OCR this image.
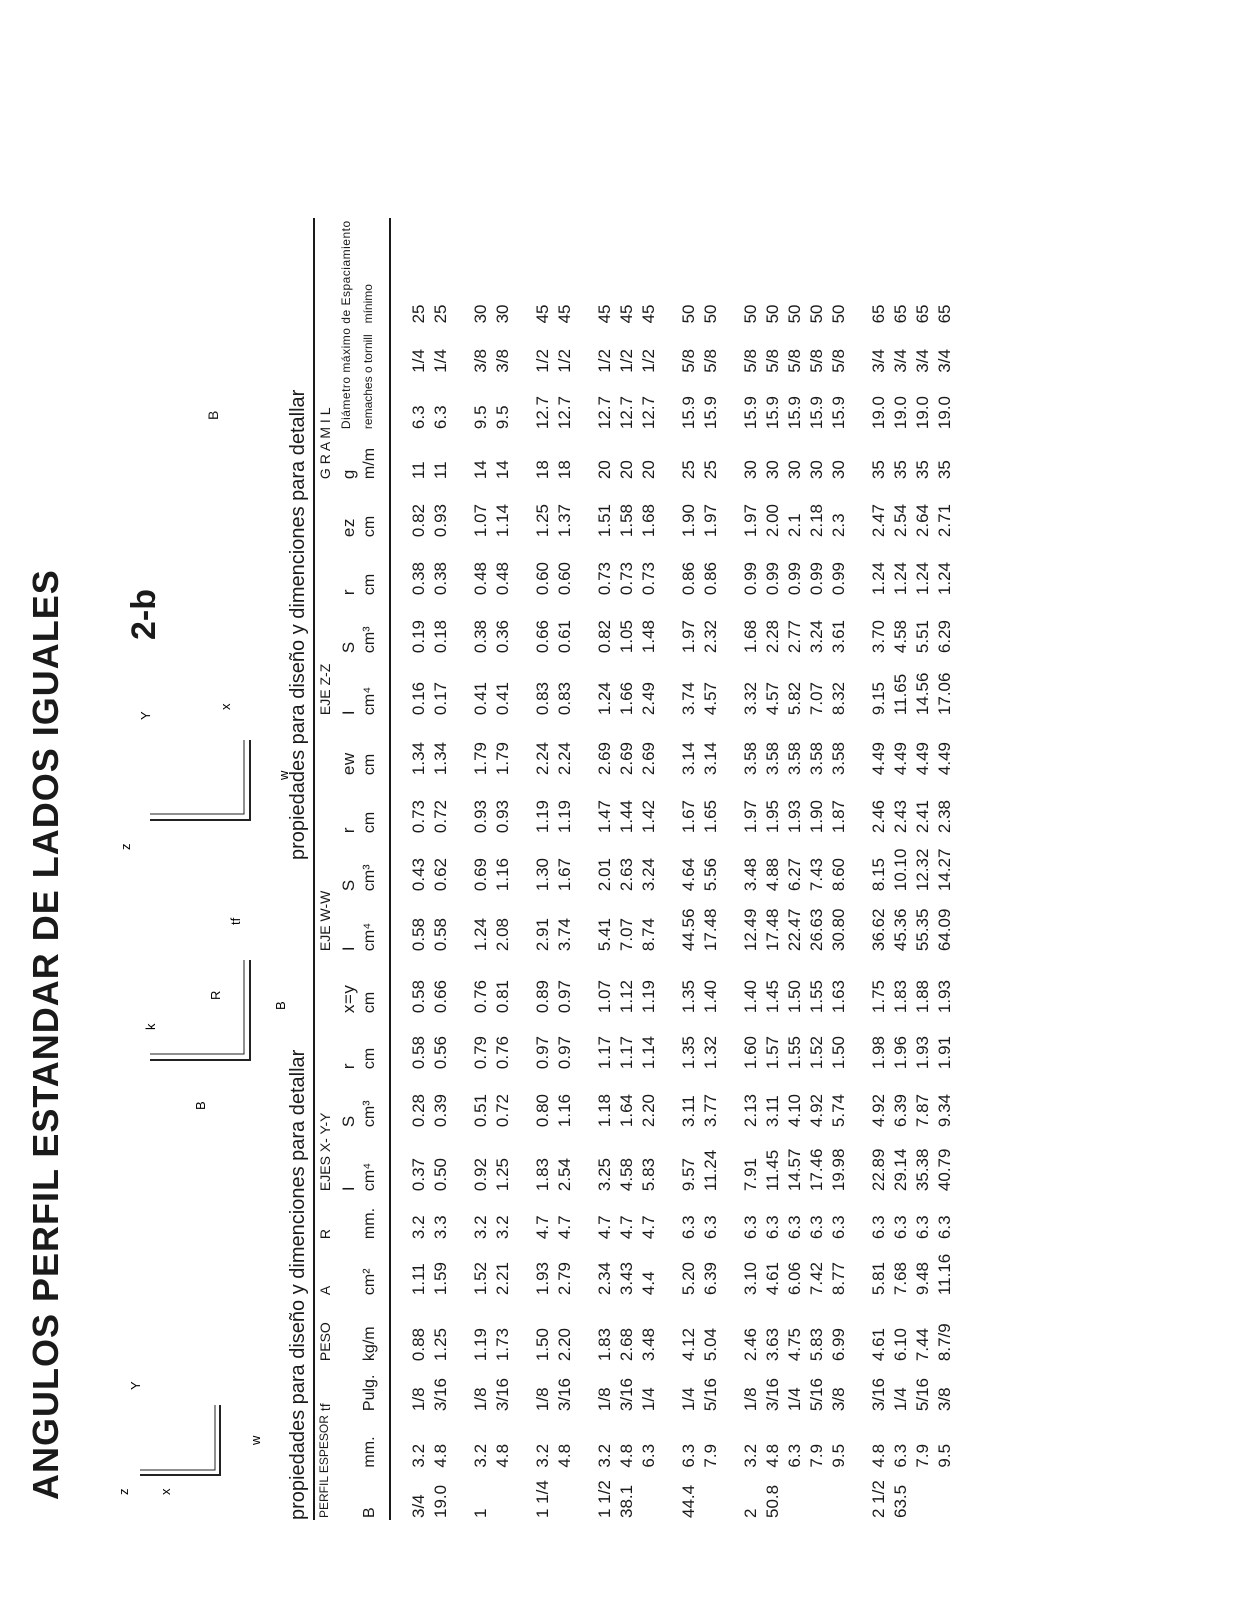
ANGULOS PERFIL ESTANDAR DE LADOS IGUALES 2-b
z x
Y
w
B
k
R
B
tf
z
Y
x
w
B
propiedades para diseño y dimenciones para detallar
propiedades para diseño y dimenciones para detallar
PERFIL ESPESOR		tf	PESO	A	R	EJES X- Y-Y				EJE W-W				EJE Z-Z				G R A M I L			
						I	S	r	x=y	I	S	r	ew	I	S	r	ez	g	Diámetro máximo de Espaciamiento		
B	mm.	Pulg.	kg/m	cm²	mm.	cm⁴	cm³	cm	cm	cm⁴	cm³	cm	cm	cm⁴	cm³	cm	cm	m/m	remaches o tornill		mínimo

3/4	3.2	1/8	0.88	1.11	3.2	0.37	0.28	0.58	0.58	0.58	0.43	0.73	1.34	0.16	0.19	0.38	0.82	11	6.3	1/4	25
19.0	4.8	3/16	1.25	1.59	3.3	0.50	0.39	0.56	0.66	0.58	0.62	0.72	1.34	0.17	0.18	0.38	0.93	11	6.3	1/4	25

1	3.2	1/8	1.19	1.52	3.2	0.92	0.51	0.79	0.76	1.24	0.69	0.93	1.79	0.41	0.38	0.48	1.07	14	9.5	3/8	30
	4.8	3/16	1.73	2.21	3.2	1.25	0.72	0.76	0.81	2.08	1.16	0.93	1.79	0.41	0.36	0.48	1.14	14	9.5	3/8	30

1 1/4	3.2	1/8	1.50	1.93	4.7	1.83	0.80	0.97	0.89	2.91	1.30	1.19	2.24	0.83	0.66	0.60	1.25	18	12.7	1/2	45
	4.8	3/16	2.20	2.79	4.7	2.54	1.16	0.97	0.97	3.74	1.67	1.19	2.24	0.83	0.61	0.60	1.37	18	12.7	1/2	45

1 1/2	3.2	1/8	1.83	2.34	4.7	3.25	1.18	1.17	1.07	5.41	2.01	1.47	2.69	1.24	0.82	0.73	1.51	20	12.7	1/2	45
38.1	4.8	3/16	2.68	3.43	4.7	4.58	1.64	1.17	1.12	7.07	2.63	1.44	2.69	1.66	1.05	0.73	1.58	20	12.7	1/2	45
	6.3	1/4	3.48	4.4	4.7	5.83	2.20	1.14	1.19	8.74	3.24	1.42	2.69	2.49	1.48	0.73	1.68	20	12.7	1/2	45

44.4	6.3	1/4	4.12	5.20	6.3	9.57	3.11	1.35	1.35	44.56	4.64	1.67	3.14	3.74	1.97	0.86	1.90	25	15.9	5/8	50
	7.9	5/16	5.04	6.39	6.3	11.24	3.77	1.32	1.40	17.48	5.56	1.65	3.14	4.57	2.32	0.86	1.97	25	15.9	5/8	50

2	3.2	1/8	2.46	3.10	6.3	7.91	2.13	1.60	1.40	12.49	3.48	1.97	3.58	3.32	1.68	0.99	1.97	30	15.9	5/8	50
50.8	4.8	3/16	3.63	4.61	6.3	11.45	3.11	1.57	1.45	17.48	4.88	1.95	3.58	4.57	2.28	0.99	2.00	30	15.9	5/8	50
	6.3	1/4	4.75	6.06	6.3	14.57	4.10	1.55	1.50	22.47	6.27	1.93	3.58	5.82	2.77	0.99	2.1	30	15.9	5/8	50
	7.9	5/16	5.83	7.42	6.3	17.46	4.92	1.52	1.55	26.63	7.43	1.90	3.58	7.07	3.24	0.99	2.18	30	15.9	5/8	50
	9.5	3/8	6.99	8.77	6.3	19.98	5.74	1.50	1.63	30.80	8.60	1.87	3.58	8.32	3.61	0.99	2.3	30	15.9	5/8	50

2 1/2	4.8	3/16	4.61	5.81	6.3	22.89	4.92	1.98	1.75	36.62	8.15	2.46	4.49	9.15	3.70	1.24	2.47	35	19.0	3/4	65
63.5	6.3	1/4	6.10	7.68	6.3	29.14	6.39	1.96	1.83	45.36	10.10	2.43	4.49	11.65	4.58	1.24	2.54	35	19.0	3/4	65
	7.9	5/16	7.44	9.48	6.3	35.38	7.87	1.93	1.88	55.35	12.32	2.41	4.49	14.56	5.51	1.24	2.64	35	19.0	3/4	65
	9.5	3/8	8.7/9	11.16	6.3	40.79	9.34	1.91	1.93	64.09	14.27	2.38	4.49	17.06	6.29	1.24	2.71	35	19.0	3/4	65
